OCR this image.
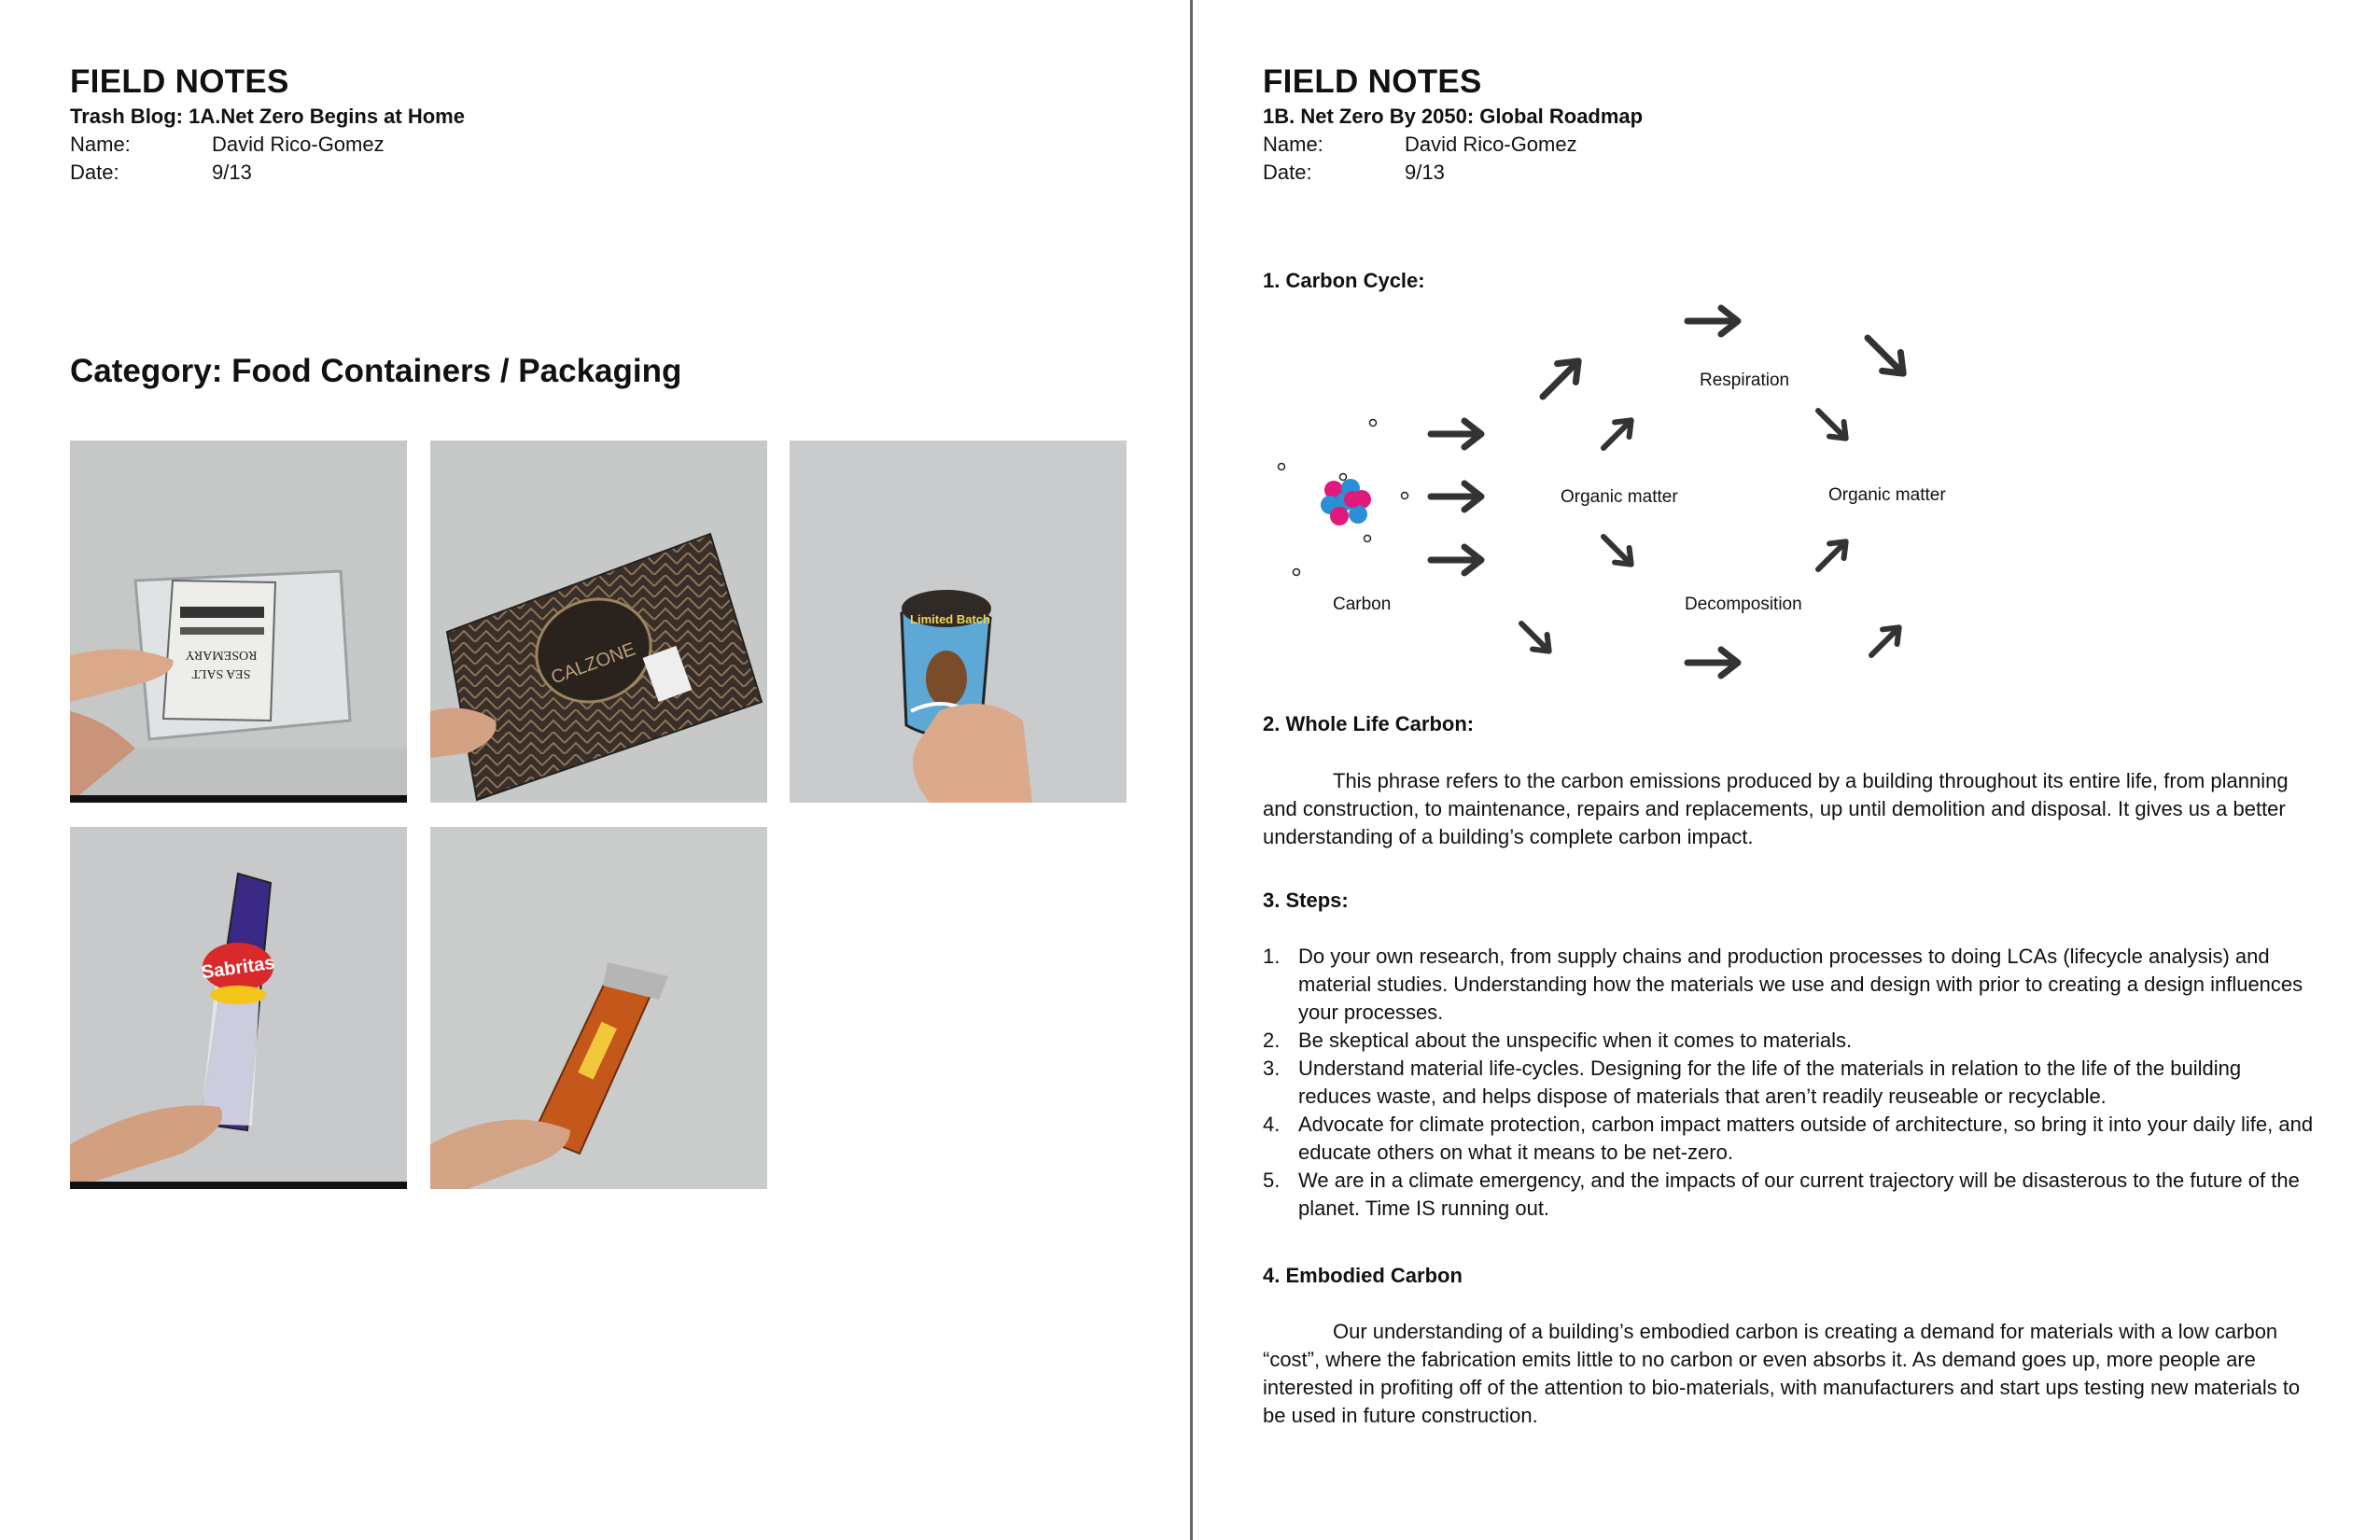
FIELD NOTES
Trash Blog: 1A.Net Zero Begins at Home
Name:	David Rico-Gomez
Date:	9/13
Category: Food Containers / Packaging
ROSEMARY
SEA SALT	CALZONE
Limited Batch
Sabritas
FIELD NOTES
1B. Net Zero By 2050: Global Roadmap
Name:	David Rico-Gomez
Date:	9/13
1. Carbon Cycle:
Carbon
Organic matter	Organic matter
Respiration
Decomposition
2. Whole Life Carbon:

This phrase refers to the carbon emissions produced by a building throughout its entire life, from planning and construction, to maintenance, repairs and replacements, up until demolition and disposal. It gives us a better understanding of a building’s complete carbon impact.

3. Steps:
1. Do your own research, from supply chains and production processes to doing LCAs (lifecycle analysis) and material studies. Understanding how the materials we use and design with prior to creating a design influences your processes.
2. Be skeptical about the unspecific when it comes to materials.
3. Understand material life-cycles. Designing for the life of the materials in relation to the life of the building reduces waste, and helps dispose of materials that aren’t readily reuseable or recyclable.
4. Advocate for climate protection, carbon impact matters outside of architecture, so bring it into your daily life, and educate others on what it means to be net-zero.
5. We are in a climate emergency, and the impacts of our current trajectory will be disasterous to the future of the planet. Time IS running out.
4. Embodied Carbon

Our understanding of a building’s embodied carbon is creating a demand for materials with a low carbon “cost”, where the fabrication emits little to no carbon or even absorbs it. As demand goes up, more people are interested in profiting off of the attention to bio-materials, with manufacturers and start ups testing new materials to be used in future construction.
